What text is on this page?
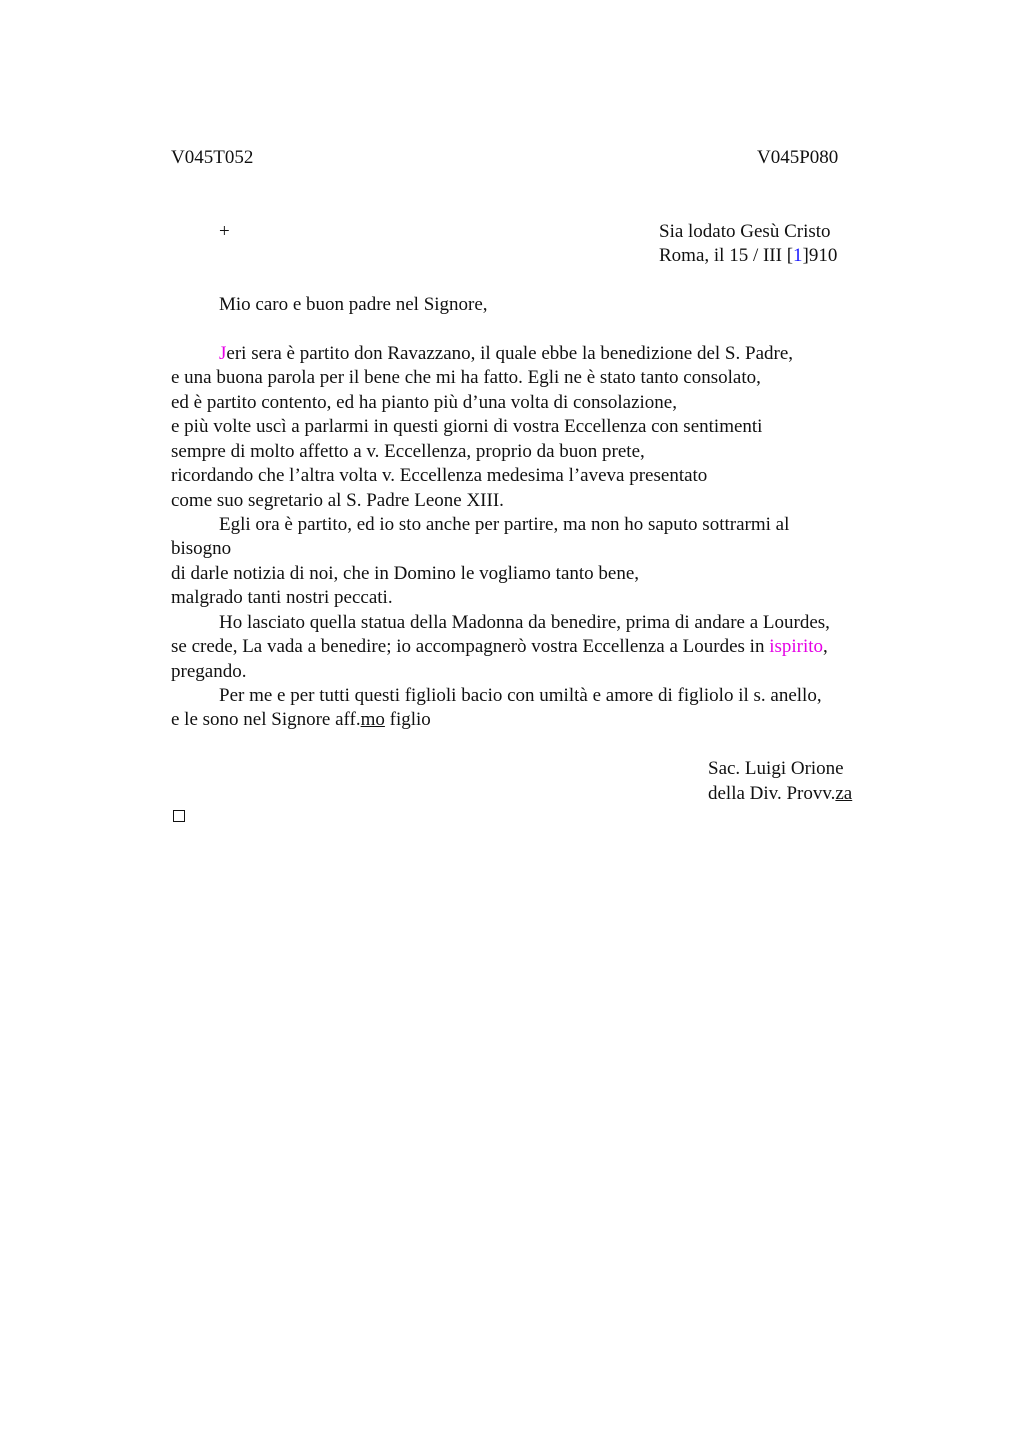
V045T052	V045P080
+	Sia lodato Gesù Cristo
Roma, il 15 / III [1]910
Mio caro e buon padre nel Signore,
Jeri sera è partito don Ravazzano, il quale ebbe la benedizione del S. Padre,
e una buona parola per il bene che mi ha fatto. Egli ne è stato tanto consolato,
ed è partito contento, ed ha pianto più d’una volta di consolazione,
e più volte uscì a parlarmi in questi giorni di vostra Eccellenza con sentimenti
sempre di molto affetto a v. Eccellenza, proprio da buon prete,
ricordando che l’altra volta v. Eccellenza medesima l’aveva presentato
come suo segretario al S. Padre Leone XIII.
Egli ora è partito, ed io sto anche per partire, ma non ho saputo sottrarmi al
bisogno
di darle notizia di noi, che in Domino le vogliamo tanto bene,
malgrado tanti nostri peccati.
Ho lasciato quella statua della Madonna da benedire, prima di andare a Lourdes,
se crede, La vada a benedire; io accompagnerò vostra Eccellenza a Lourdes in ispirito,
pregando.
Per me e per tutti questi figlioli bacio con umiltà e amore di figliolo il s. anello,
e le sono nel Signore aff.mo figlio
Sac. Luigi Orione
della Div. Provv.za
